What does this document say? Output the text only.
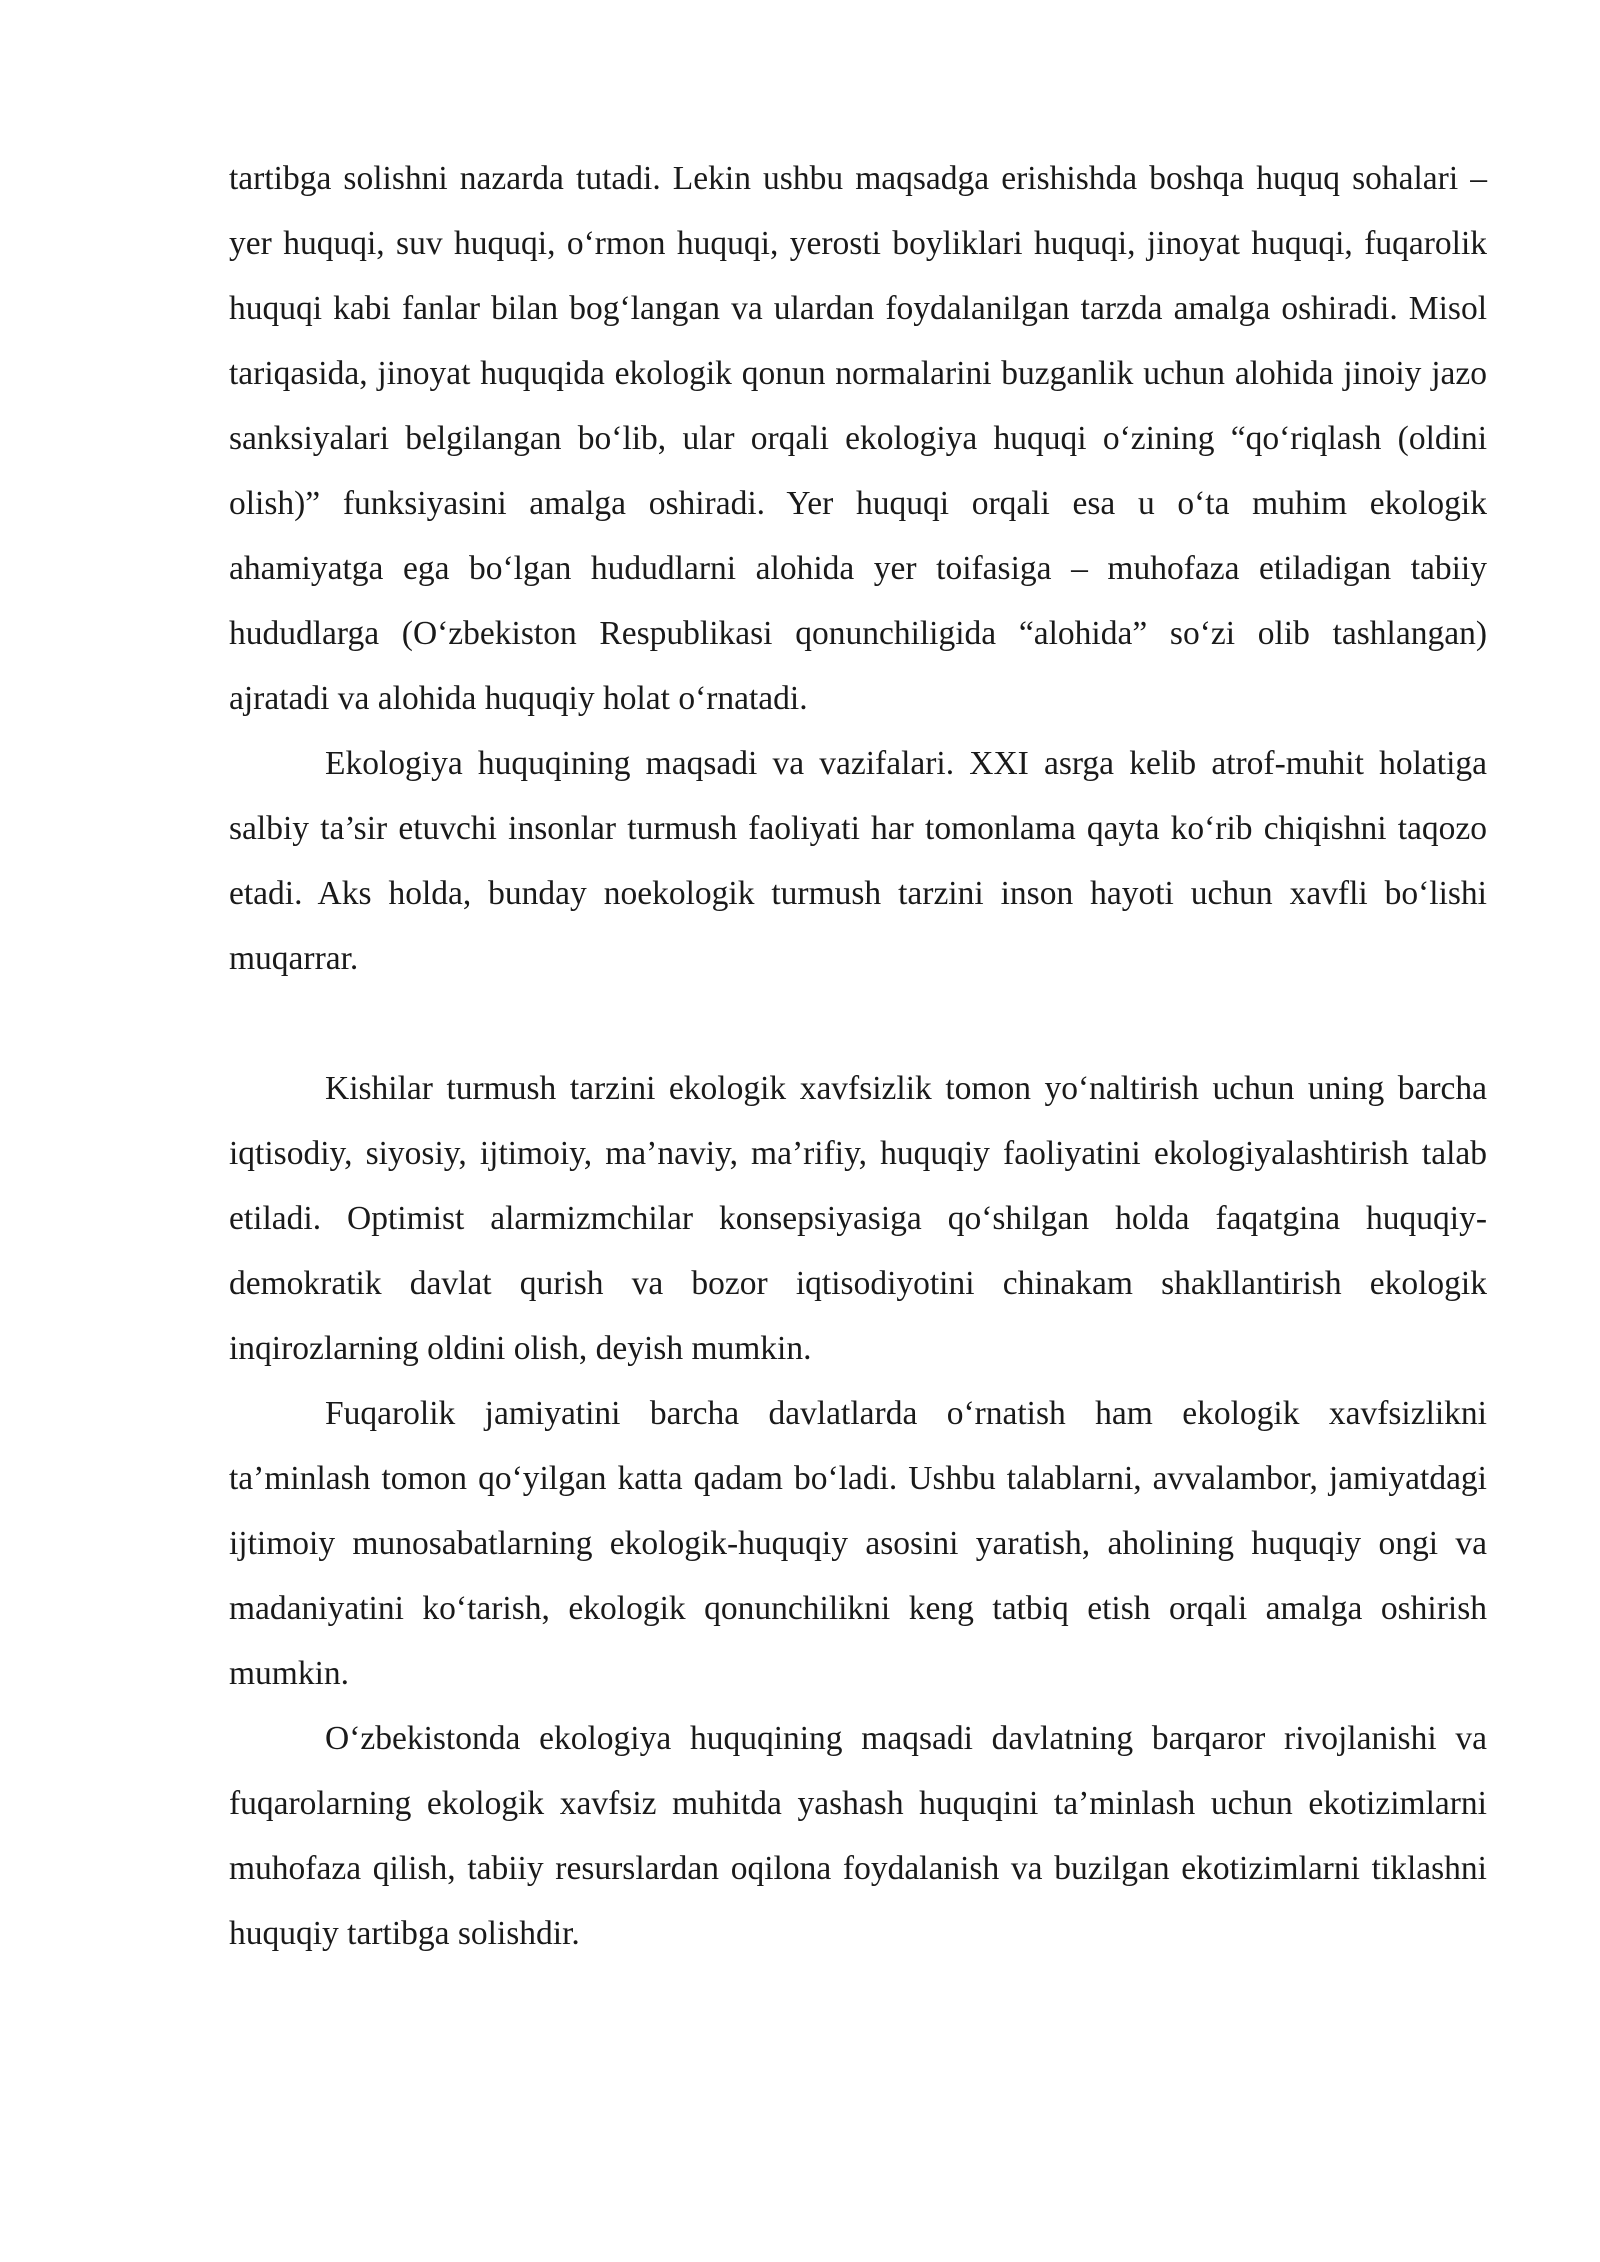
tartibga solishni nazarda tutadi. Lekin ushbu maqsadga erishishda boshqa huquq sohalari – yer huquqi, suv huquqi, o‘rmon huquqi, yerosti boyliklari huquqi, jinoyat huquqi, fuqarolik huquqi kabi fanlar bilan bog‘langan va ulardan foydalanilgan tarzda amalga oshiradi. Misol tariqasida, jinoyat huquqida ekologik qonun normalarini buzganlik uchun alohida jinoiy jazo sanksiyalari belgilangan bo‘lib, ular orqali ekologiya huquqi o‘zining “qo‘riqlash (oldini olish)” funksiyasini amalga oshiradi. Yer huquqi orqali esa u o‘ta muhim ekologik ahamiyatga ega bo‘lgan hududlarni alohida yer toifasiga – muhofaza etiladigan tabiiy hududlarga (O‘zbekiston Respublikasi qonunchiligida “alohida” so‘zi olib tashlangan) ajratadi va alohida huquqiy holat o‘rnatadi.

Ekologiya huquqining maqsadi va vazifalari. XXI asrga kelib atrof-muhit holatiga salbiy ta’sir etuvchi insonlar turmush faoliyati har tomonlama qayta ko‘rib chiqishni taqozo etadi. Aks holda, bunday noekologik turmush tarzini inson hayoti uchun xavfli bo‘lishi muqarrar.

Kishilar turmush tarzini ekologik xavfsizlik tomon yo‘naltirish uchun uning barcha iqtisodiy, siyosiy, ijtimoiy, ma’naviy, ma’rifiy, huquqiy faoliyatini ekologiyalashtirish talab etiladi. Optimist alarmizmchilar konsepsiyasiga qo‘shilgan holda faqatgina huquqiy-demokratik davlat qurish va bozor iqtisodiyotini chinakam shakllantirish ekologik inqirozlarning oldini olish, deyish mumkin.

Fuqarolik jamiyatini barcha davlatlarda o‘rnatish ham ekologik xavfsizlikni ta’minlash tomon qo‘yilgan katta qadam bo‘ladi. Ushbu talablarni, avvalambor, jamiyatdagi ijtimoiy munosabatlarning ekologik-huquqiy asosini yaratish, aholining huquqiy ongi va madaniyatini ko‘tarish, ekologik qonunchilikni keng tatbiq etish orqali amalga oshirish mumkin.

O‘zbekistonda ekologiya huquqining maqsadi davlatning barqaror rivojlanishi va fuqarolarning ekologik xavfsiz muhitda yashash huquqini ta’minlash uchun ekotizimlarni muhofaza qilish, tabiiy resurslardan oqilona foydalanish va buzilgan ekotizimlarni tiklashni huquqiy tartibga solishdir.
